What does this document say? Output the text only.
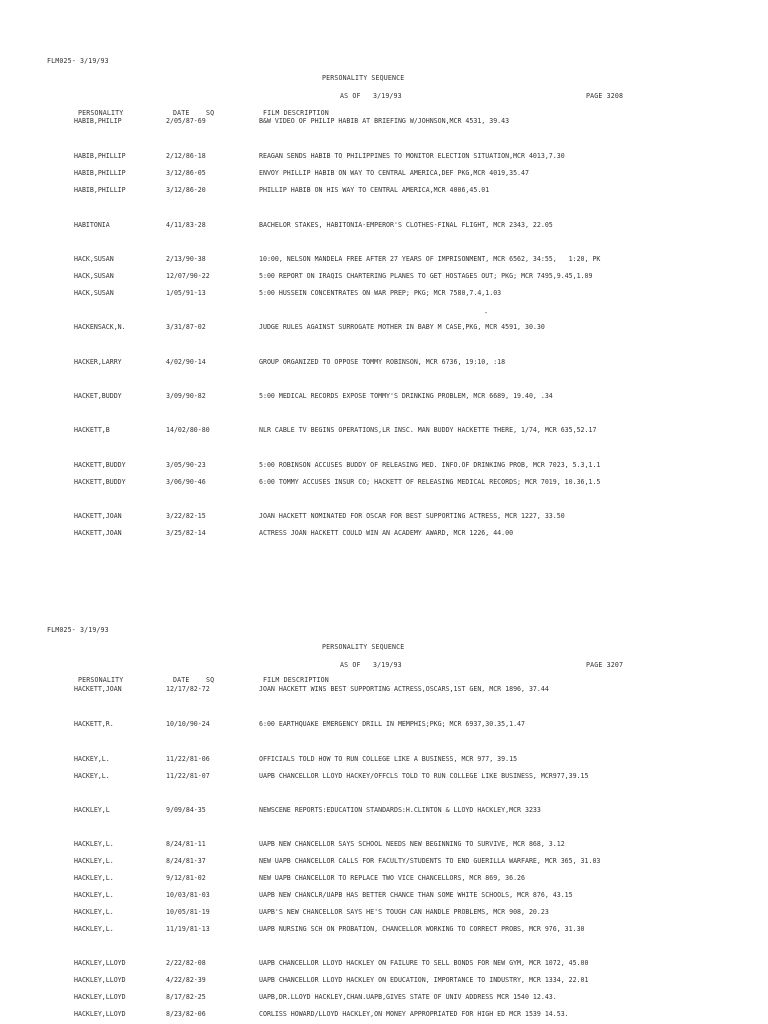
FLM025- 3/19/93
PERSONALITY SEQUENCE
AS OF   3/19/93	PAGE 3208
PERSONALITY	DATE    SQ	FILM DESCRIPTION
-
HABIB,PHILIP	2/05/87-69	B&W VIDEO OF PHILIP HABIB AT BRIEFING W/JOHNSON,MCR 4531, 39.43
HABIB,PHILLIP	2/12/86-18	REAGAN SENDS HABIB TO PHILIPPINES TO MONITOR ELECTION SITUATION,MCR 4013,7.30
HABIB,PHILLIP	3/12/86-05	ENVOY PHILLIP HABIB ON WAY TO CENTRAL AMERICA,DEF PKG,MCR 4019,35.47
HABIB,PHILLIP	3/12/86-20	PHILLIP HABIB ON HIS WAY TO CENTRAL AMERICA,MCR 4006,45.01
HABITONIA	4/11/83-28	BACHELOR STAKES, HABITONIA-EMPEROR'S CLOTHES-FINAL FLIGHT, MCR 2343, 22.05
HACK,SUSAN	2/13/90-38	10:00, NELSON MANDELA FREE AFTER 27 YEARS OF IMPRISONMENT, MCR 6562, 34:55,   1:20, PK
HACK,SUSAN	12/07/90-22	5:00 REPORT ON IRAQIS CHARTERING PLANES TO GET HOSTAGES OUT; PKG; MCR 7495,9.45,1.09
HACK,SUSAN	1/05/91-13	5:00 HUSSEIN CONCENTRATES ON WAR PREP; PKG; MCR 7580,7.4,1.03
HACKENSACK,N.	3/31/87-02	JUDGE RULES AGAINST SURROGATE MOTHER IN BABY M CASE,PKG, MCR 4591, 30.30
HACKER,LARRY	4/02/90-14	GROUP ORGANIZED TO OPPOSE TOMMY ROBINSON, MCR 6736, 19:10, :18
HACKET,BUDDY	3/09/90-82	5:00 MEDICAL RECORDS EXPOSE TOMMY'S DRINKING PROBLEM, MCR 6689, 19.40, .34
HACKETT,B	14/02/80-80	NLR CABLE TV BEGINS OPERATIONS,LR INSC. MAN BUDDY HACKETTE THERE, 1/74, MCR 635,52.17
HACKETT,BUDDY	3/05/90-23	5:00 ROBINSON ACCUSES BUDDY OF RELEASING MED. INFO.OF DRINKING PROB, MCR 7023, 5.3,1.1
HACKETT,BUDDY	3/06/90-46	6:00 TOMMY ACCUSES INSUR CO; HACKETT OF RELEASING MEDICAL RECORDS; MCR 7019, 10.36,1.5
HACKETT,JOAN	3/22/82-15	JOAN HACKETT NOMINATED FOR OSCAR FOR BEST SUPPORTING ACTRESS, MCR 1227, 33.50
HACKETT,JOAN	3/25/82-14	ACTRESS JOAN HACKETT COULD WIN AN ACADEMY AWARD, MCR 1226, 44.00
FLM025- 3/19/93
PERSONALITY SEQUENCE
AS OF   3/19/93	PAGE 3207
PERSONALITY	DATE    SQ	FILM DESCRIPTION
HACKETT,JOAN	12/17/82-72	JOAN HACKETT WINS BEST SUPPORTING ACTRESS,OSCARS,1ST GEN, MCR 1896, 37.44
HACKETT,R.	10/10/90-24	6:00 EARTHQUAKE EMERGENCY DRILL IN MEMPHIS;PKG; MCR 6937,30.35,1.47
HACKEY,L.	11/22/81-06	OFFICIALS TOLD HOW TO RUN COLLEGE LIKE A BUSINESS, MCR 977, 39.15
HACKEY,L.	11/22/81-07	UAPB CHANCELLOR LLOYD HACKEY/OFFCLS TOLD TO RUN COLLEGE LIKE BUSINESS, MCR977,39.15
HACKLEY,L	9/09/84-35	NEWSCENE REPORTS:EDUCATION STANDARDS:H.CLINTON & LLOYD HACKLEY,MCR 3233
HACKLEY,L.	8/24/81-11	UAPB NEW CHANCELLOR SAYS SCHOOL NEEDS NEW BEGINNING TO SURVIVE, MCR 868, 3.12
HACKLEY,L.	8/24/81-37	NEW UAPB CHANCELLOR CALLS FOR FACULTY/STUDENTS TO END GUERILLA WARFARE, MCR 365, 31.03
HACKLEY,L.	9/12/81-02	NEW UAPB CHANCELLOR TO REPLACE TWO VICE CHANCELLORS, MCR 869, 36.26
HACKLEY,L.	10/03/81-03	UAPB NEW CHANCLR/UAPB HAS BETTER CHANCE THAN SOME WHITE SCHOOLS, MCR 876, 43.15
HACKLEY,L.	10/05/81-19	UAPB'S NEW CHANCELLOR SAYS HE'S TOUGH CAN HANDLE PROBLEMS, MCR 908, 20.23
HACKLEY,L.	11/19/81-13	UAPB NURSING SCH ON PROBATION, CHANCELLOR WORKING TO CORRECT PROBS, MCR 976, 31.30
HACKLEY,LLOYD	2/22/82-08	UAPB CHANCELLOR LLOYD HACKLEY ON FAILURE TO SELL BONDS FOR NEW GYM, MCR 1072, 45.00
HACKLEY,LLOYD	4/22/82-39	UAPB CHANCELLOR LLOYD HACKLEY ON EDUCATION, IMPORTANCE TO INDUSTRY, MCR 1334, 22.01
HACKLEY,LLOYD	8/17/82-25	UAPB,DR.LLOYD HACKLEY,CHAN.UAPB,GIVES STATE OF UNIV ADDRESS MCR 1540 12.43.
HACKLEY,LLOYD	8/23/82-06	CORLISS HOWARD/LLOYD HACKLEY,ON MONEY APPROPRIATED FOR HIGH ED MCR 1539 14.53.
